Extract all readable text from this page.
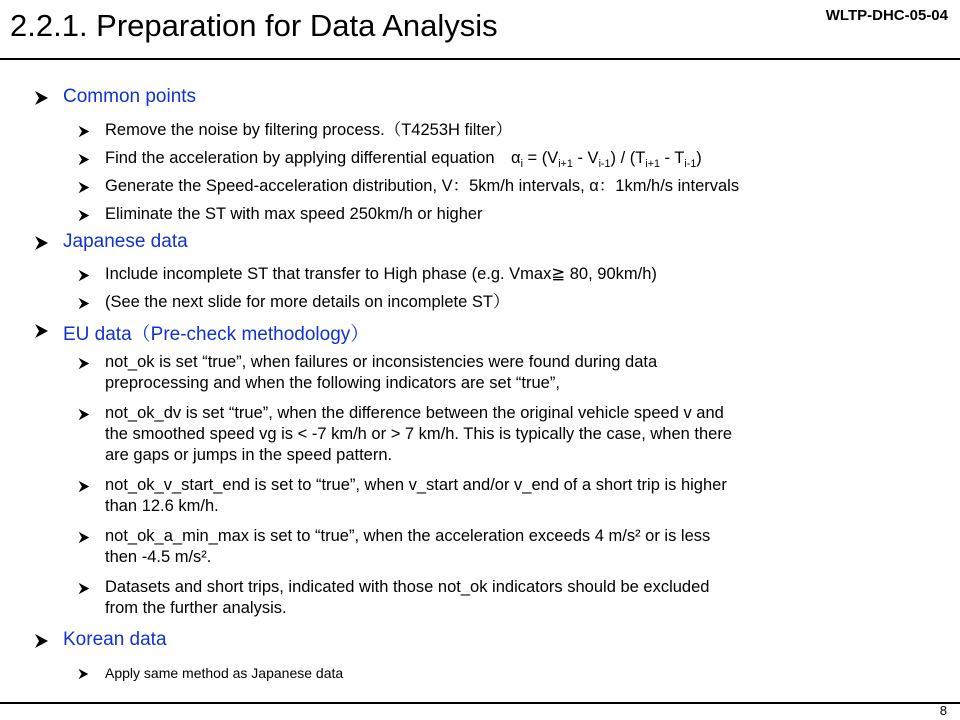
2.2.1. Preparation for Data Analysis	WLTP-DHC-05-04
Common points
Remove the noise by filtering process.（T4253H filter）
Find the acceleration by applying differential equation　$\alpha_i = (V_{i+1} - V_{i-1}) / (T_{i+1} - T_{i-1})$
Generate the Speed-acceleration distribution, V：5km/h intervals, α：1km/h/s intervals
Eliminate the ST with max speed 250km/h or higher
Japanese data
Include incomplete ST that transfer to High phase (e.g. Vmax≧ 80, 90km/h)
(See the next slide for more details on incomplete ST）
EU data（Pre-check methodology）
not_ok is set “true”, when failures or inconsistencies were found during data
preprocessing and when the following indicators are set “true”,
not_ok_dv is set “true”, when the difference between the original vehicle speed v and
the smoothed speed vg is < -7 km/h or > 7 km/h. This is typically the case, when there
are gaps or jumps in the speed pattern.
not_ok_v_start_end is set to “true”, when v_start and/or v_end of a short trip is higher
than 12.6 km/h.
not_ok_a_min_max is set to “true”, when the acceleration exceeds 4 m/s² or is less
then -4.5 m/s².
Datasets and short trips, indicated with those not_ok indicators should be excluded
from the further analysis.
Korean data
Apply same method as Japanese data
8
